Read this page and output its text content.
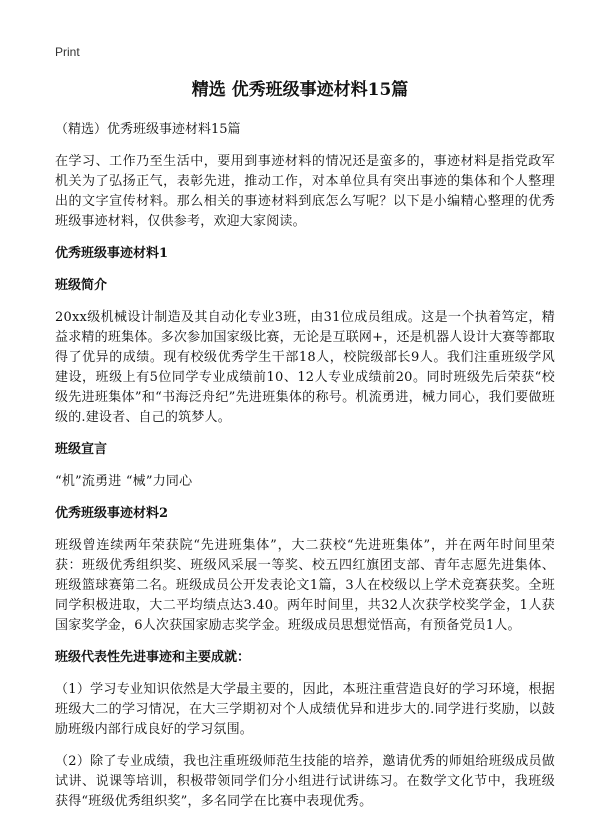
Print
精选 优秀班级事迹材料15篇

（精选）优秀班级事迹材料15篇

在学习、工作乃至生活中，要用到事迹材料的情况还是蛮多的，事迹材料是指党政军机关为了弘扬正气，表彰先进，推动工作，对本单位具有突出事迹的集体和个人整理出的文字宣传材料。那么相关的事迹材料到底怎么写呢？以下是小编精心整理的优秀班级事迹材料，仅供参考，欢迎大家阅读。

优秀班级事迹材料1

班级简介

20xx级机械设计制造及其自动化专业3班，由31位成员组成。这是一个执着笃定，精益求精的班集体。多次参加国家级比赛，无论是互联网+，还是机器人设计大赛等都取得了优异的成绩。现有校级优秀学生干部18人，校院级部长9人。我们注重班级学风建设，班级上有5位同学专业成绩前10、12人专业成绩前20。同时班级先后荣获“校级先进班集体”和“书海泛舟纪”先进班集体的称号。机流勇进，械力同心，我们要做班级的.建设者、自己的筑梦人。

班级宣言

“机”流勇进 “械”力同心

优秀班级事迹材料2

班级曾连续两年荣获院“先进班集体”，大二获校“先进班集体”，并在两年时间里荣获：班级优秀组织奖、班级风采展一等奖、校五四红旗团支部、青年志愿先进集体、班级篮球赛第二名。班级成员公开发表论文1篇，3人在校级以上学术竞赛获奖。全班同学积极进取，大二平均绩点达3.40。两年时间里，共32人次获学校奖学金，1人获国家奖学金，6人次获国家励志奖学金。班级成员思想觉悟高，有预备党员1人。

班级代表性先进事迹和主要成就：

（1）学习专业知识依然是大学最主要的，因此，本班注重营造良好的学习环境，根据班级大二的学习情况，在大三学期初对个人成绩优异和进步大的.同学进行奖励，以鼓励班级内部行成良好的学习氛围。

（2）除了专业成绩，我也注重班级师范生技能的培养，邀请优秀的师姐给班级成员做试讲、说课等培训，积极带领同学们分小组进行试讲练习。在数学文化节中，我班级获得“班级优秀组织奖”，多名同学在比赛中表现优秀。
